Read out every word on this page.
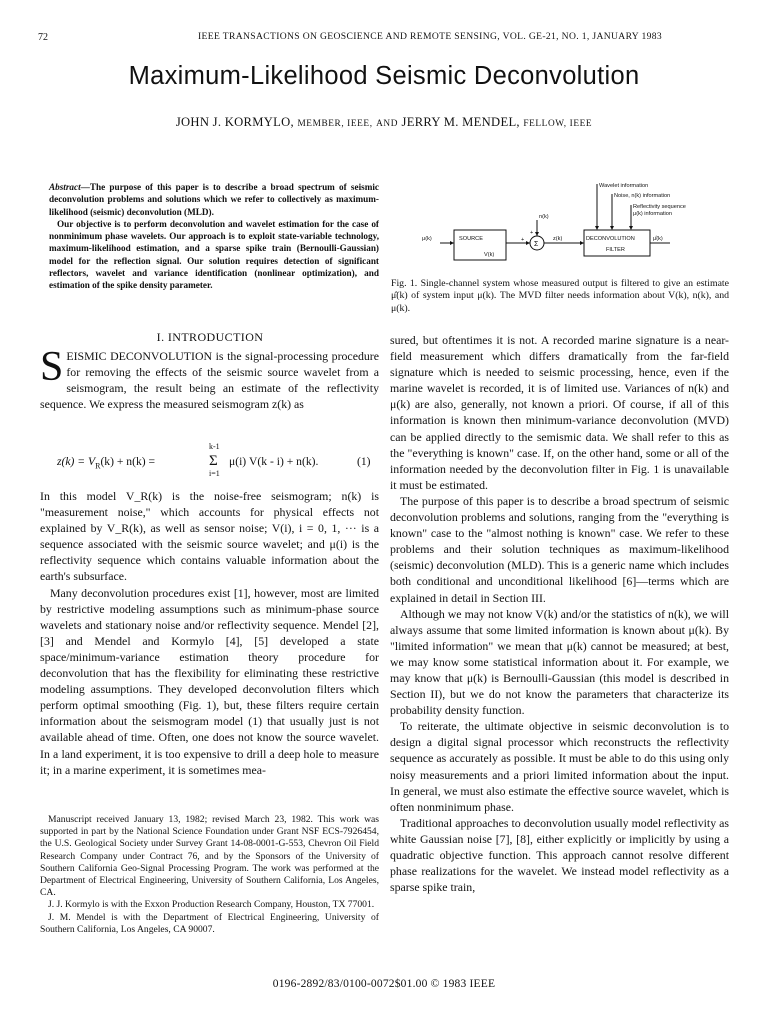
72	IEEE TRANSACTIONS ON GEOSCIENCE AND REMOTE SENSING, VOL. GE-21, NO. 1, JANUARY 1983
Maximum-Likelihood Seismic Deconvolution
JOHN J. KORMYLO, MEMBER, IEEE, AND JERRY M. MENDEL, FELLOW, IEEE

Abstract—The purpose of this paper is to describe a broad spectrum of seismic deconvolution problems and solutions which we refer to collectively as maximum-likelihood (seismic) deconvolution (MLD).

Our objective is to perform deconvolution and wavelet estimation for the case of nonminimum phase wavelets. Our approach is to exploit state-variable technology, maximum-likelihood estimation, and a sparse spike train (Bernoulli-Gaussian) model for the reflection signal. Our solution requires detection of significant reflectors, wavelet and variance identification (nonlinear optimization), and estimation of the spike density parameter.

Wavelet information
Noise, n(k) information
Reflectivity sequence
μ(k) information
μ(k)	SOURCE
V(k)
n(k)
+
+
Σ
z(k)	DECONVOLUTION
FILTER
μ̂(k)
Fig. 1. Single-channel system whose measured output is filtered to give an estimate μ̂(k) of system input μ(k). The MVD filter needs information about V(k), n(k), and μ(k).
I. INTRODUCTION

SEISMIC DECONVOLUTION is the signal-processing procedure for removing the effects of the seismic source wavelet from a seismogram, the result being an estimate of the reflectivity sequence. We express the measured seismogram z(k) as

$z(k) = V_R(k) + n(k)$ =
k-1
Σ
i=1
μ(i) V(k - i) + n(k).	(1)

In this model V_R(k) is the noise-free seismogram; n(k) is "measurement noise," which accounts for physical effects not explained by V_R(k), as well as sensor noise; V(i), i = 0, 1, ··· is a sequence associated with the seismic source wavelet; and μ(i) is the reflectivity sequence which contains valuable information about the earth's subsurface.

Many deconvolution procedures exist [1], however, most are limited by restrictive modeling assumptions such as minimum-phase source wavelets and stationary noise and/or reflectivity sequence. Mendel [2], [3] and Mendel and Kormylo [4], [5] developed a state space/minimum-variance estimation theory procedure for deconvolution that has the flexibility for eliminating these restrictive modeling assumptions. They developed deconvolution filters which perform optimal smoothing (Fig. 1), but, these filters require certain information about the seismogram model (1) that usually just is not available ahead of time. Often, one does not know the source wavelet. In a land experiment, it is too expensive to drill a deep hole to measure it; in a marine experiment, it is sometimes mea-

Manuscript received January 13, 1982; revised March 23, 1982. This work was supported in part by the National Science Foundation under Grant NSF ECS-7926454, the U.S. Geological Society under Survey Grant 14-08-0001-G-553, Chevron Oil Field Research Company under Contract 76, and by the Sponsors of the University of Southern California Geo-Signal Processing Program. The work was performed at the Department of Electrical Engineering, University of Southern California, Los Angeles, CA.

J. J. Kormylo is with the Exxon Production Research Company, Houston, TX 77001.

J. M. Mendel is with the Department of Electrical Engineering, University of Southern California, Los Angeles, CA 90007.

sured, but oftentimes it is not. A recorded marine signature is a near-field measurement which differs dramatically from the far-field signature which is needed to seismic processing, hence, even if the marine wavelet is recorded, it is of limited use. Variances of n(k) and μ(k) are also, generally, not known a priori. Of course, if all of this information is known then minimum-variance deconvolution (MVD) can be applied directly to the semismic data. We shall refer to this as the "everything is known" case. If, on the other hand, some or all of the information needed by the deconvolution filter in Fig. 1 is unavailable it must be estimated.

The purpose of this paper is to describe a broad spectrum of seismic deconvolution problems and solutions, ranging from the "everything is known" case to the "almost nothing is known" case. We refer to these problems and their solution techniques as maximum-likelihood (seismic) deconvolution (MLD). This is a generic name which includes both conditional and unconditional likelihood [6]—terms which are explained in detail in Section III.

Although we may not know V(k) and/or the statistics of n(k), we will always assume that some limited information is known about μ(k). By "limited information" we mean that μ(k) cannot be measured; at best, we may know some statistical information about it. For example, we may know that μ(k) is Bernoulli-Gaussian (this model is described in Section II), but we do not know the parameters that characterize its probability density function.

To reiterate, the ultimate objective in seismic deconvolution is to design a digital signal processor which reconstructs the reflectivity sequence as accurately as possible. It must be able to do this using only noisy measurements and a priori limited information about the input. In general, we must also estimate the effective source wavelet, which is often nonminimum phase.

Traditional approaches to deconvolution usually model reflectivity as white Gaussian noise [7], [8], either explicitly or implicitly by using a quadratic objective function. This approach cannot resolve different phase realizations for the wavelet. We instead model reflectivity as a sparse spike train,

0196-2892/83/0100-0072$01.00 © 1983 IEEE
